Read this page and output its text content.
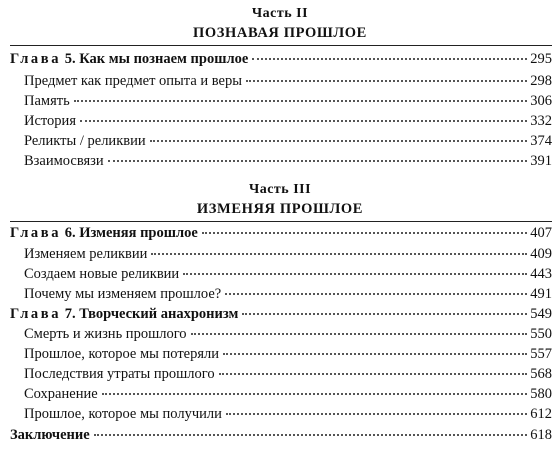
Часть II
ПОЗНАВАЯ ПРОШЛОЕ
Глава 5. Как мы познаем прошлое	295
Предмет как предмет опыта и веры	298
Память	306
История	332
Реликты / реликвии	374
Взаимосвязи	391
Часть III
ИЗМЕНЯЯ ПРОШЛОЕ
Глава 6. Изменяя прошлое	407
Изменяем реликвии	409
Создаем новые реликвии	443
Почему мы изменяем прошлое?	491
Глава 7. Творческий анахронизм	549
Смерть и жизнь прошлого	550
Прошлое, которое мы потеряли	557
Последствия утраты прошлого	568
Сохранение	580
Прошлое, которое мы получили	612
Заключение	618
